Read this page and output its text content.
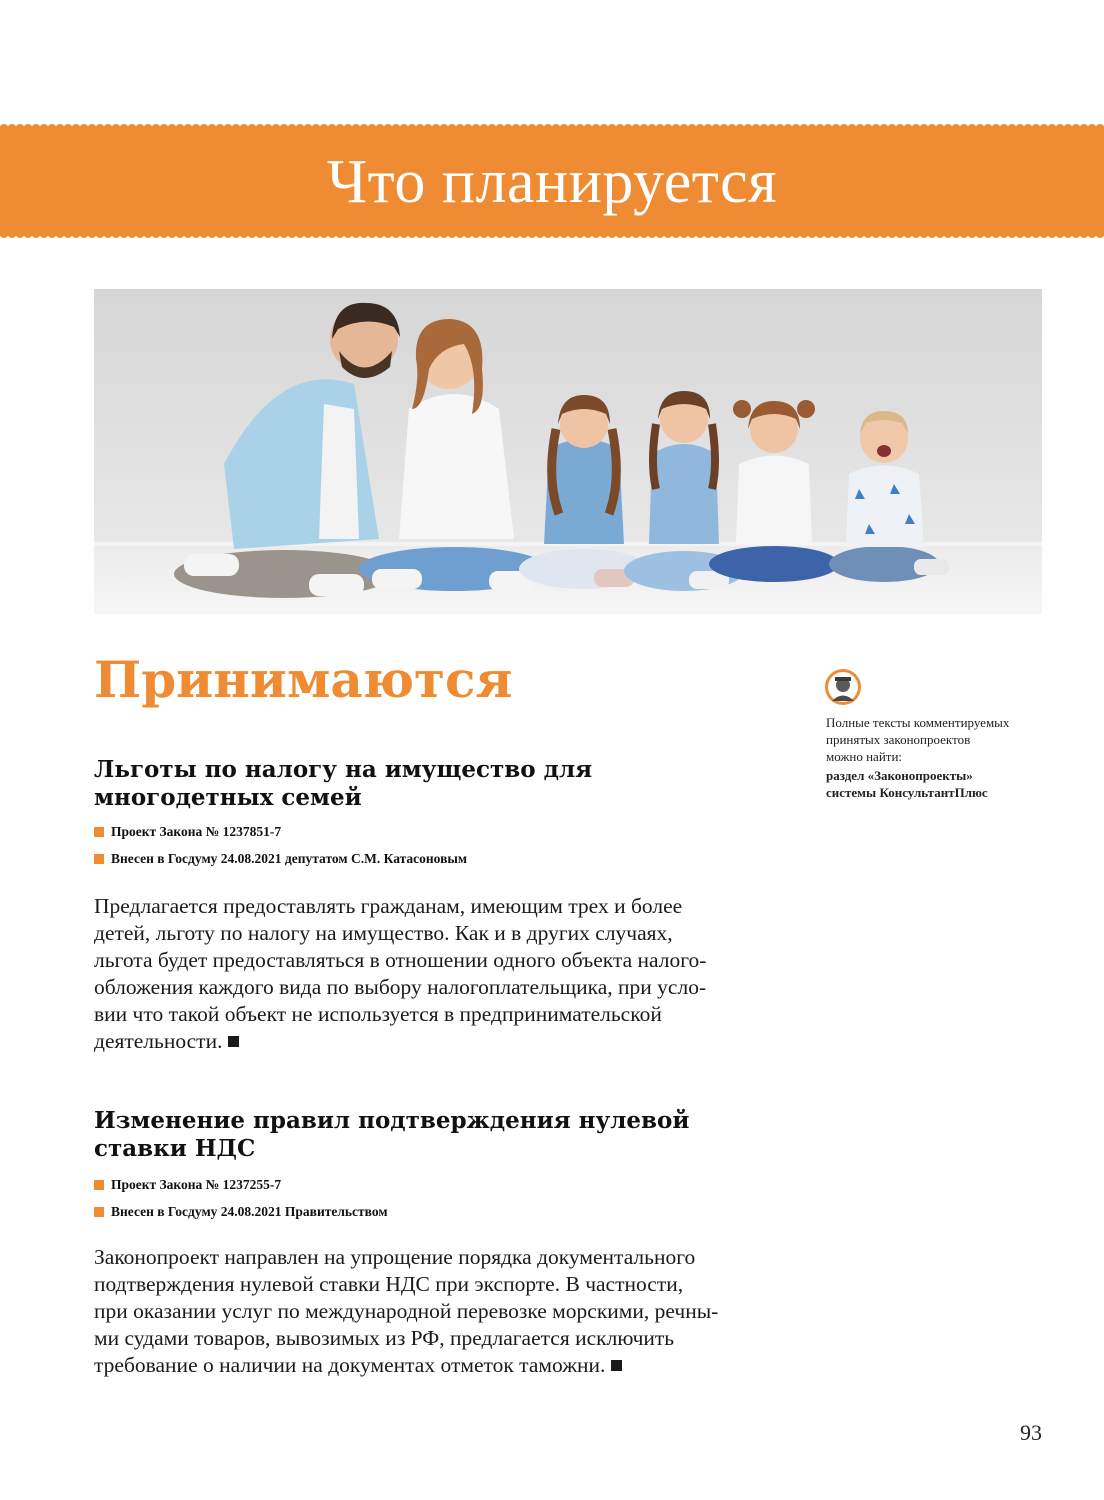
Что планируется
Принимаются
Полные тексты комментируемых
принятых законопроектов
можно найти:
раздел «Законопроекты»
системы КонсультантПлюс
Льготы по налогу на имущество для многодетных семей
Проект Закона № 1237851-7
Внесен в Госдуму 24.08.2021 депутатом С.М. Катасоновым
Предлагается предоставлять гражданам, имеющим трех и более
детей, льготу по налогу на имущество. Как и в других случаях,
льгота будет предоставляться в отношении одного объекта налого-
обложения каждого вида по выбору налогоплательщика, при усло-
вии что такой объект не используется в предпринимательской
деятельности.
Изменение правил подтверждения нулевой ставки НДС
Проект Закона № 1237255-7
Внесен в Госдуму 24.08.2021 Правительством
Законопроект направлен на упрощение порядка документального
подтверждения нулевой ставки НДС при экспорте. В частности,
при оказании услуг по международной перевозке морскими, речны-
ми судами товаров, вывозимых из РФ, предлагается исключить
требование о наличии на документах отметок таможни.
93
